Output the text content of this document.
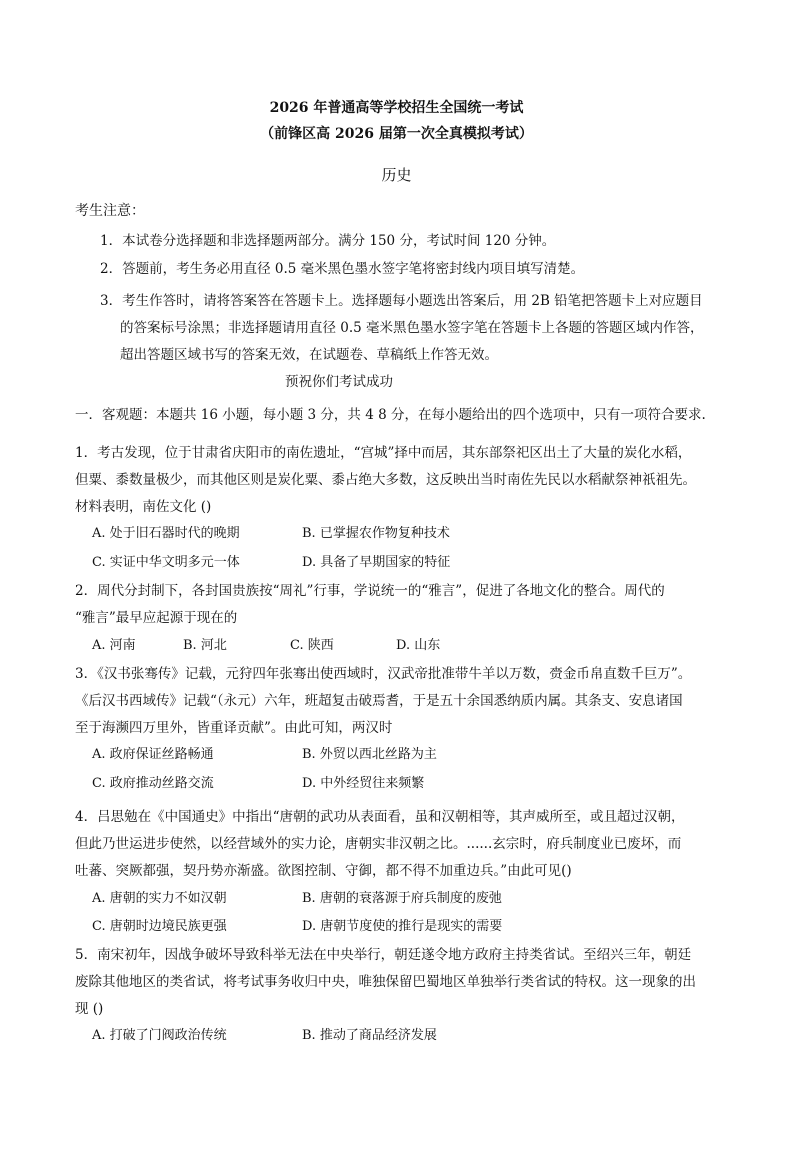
2026 年普通高等学校招生全国统一考试
（前锋区高 2026 届第一次全真模拟考试）
历史
考生注意：
1．本试卷分选择题和非选择题两部分。满分 150 分，考试时间 120 分钟。
2．答题前，考生务必用直径 0.5 毫米黑色墨水签字笔将密封线内项目填写清楚。
3．考生作答时，请将答案答在答题卡上。选择题每小题选出答案后，用 2B 铅笔把答题卡上对应题目
的答案标号涂黑；非选择题请用直径 0.5 毫米黑色墨水签字笔在答题卡上各题的答题区域内作答，
超出答题区域书写的答案无效，在试题卷、草稿纸上作答无效。
预祝你们考试成功
一．客观题：本题共 16 小题，每小题 3 分，共 4 8 分，在每小题给出的四个选项中，只有一项符合要求.
1．考古发现，位于甘肃省庆阳市的南佐遗址，“宫城”择中而居，其东部祭祀区出土了大量的炭化水稻，
但粟、黍数量极少，而其他区则是炭化粟、黍占绝大多数，这反映出当时南佐先民以水稻献祭神祇祖先。
材料表明，南佐文化 ()
A. 处于旧石器时代的晚期	B. 已掌握农作物复种技术
C. 实证中华文明多元一体	D. 具备了早期国家的特征
2．周代分封制下，各封国贵族按“周礼”行事，学说统一的“雅言”，促进了各地文化的整合。周代的
“雅言”最早应起源于现在的
A. 河南	B. 河北	C. 陕西	D. 山东
3．《汉书张骞传》记载，元狩四年张骞出使西域时，汉武帝批准带牛羊以万数，赍金币帛直数千巨万”。
《后汉书西域传》记载“（永元）六年，班超复击破焉耆，于是五十余国悉纳质内属。其条支、安息诸国
至于海濒四万里外，皆重译贡献”。由此可知，两汉时
A. 政府保证丝路畅通	B. 外贸以西北丝路为主
C. 政府推动丝路交流	D. 中外经贸往来频繁
4．吕思勉在《中国通史》中指出“唐朝的武功从表面看，虽和汉朝相等，其声威所至，或且超过汉朝，
但此乃世运进步使然，以经营域外的实力论，唐朝实非汉朝之比。......玄宗时，府兵制度业已废坏，而
吐蕃、突厥都强，契丹势亦渐盛。欲图控制、守御，都不得不加重边兵。”由此可见()
A. 唐朝的实力不如汉朝	B. 唐朝的衰落源于府兵制度的废弛
C. 唐朝时边境民族更强	D. 唐朝节度使的推行是现实的需要
5．南宋初年，因战争破坏导致科举无法在中央举行，朝廷遂令地方政府主持类省试。至绍兴三年，朝廷
废除其他地区的类省试，将考试事务收归中央，唯独保留巴蜀地区单独举行类省试的特权。这一现象的出
现 ()
A. 打破了门阀政治传统	B. 推动了商品经济发展
